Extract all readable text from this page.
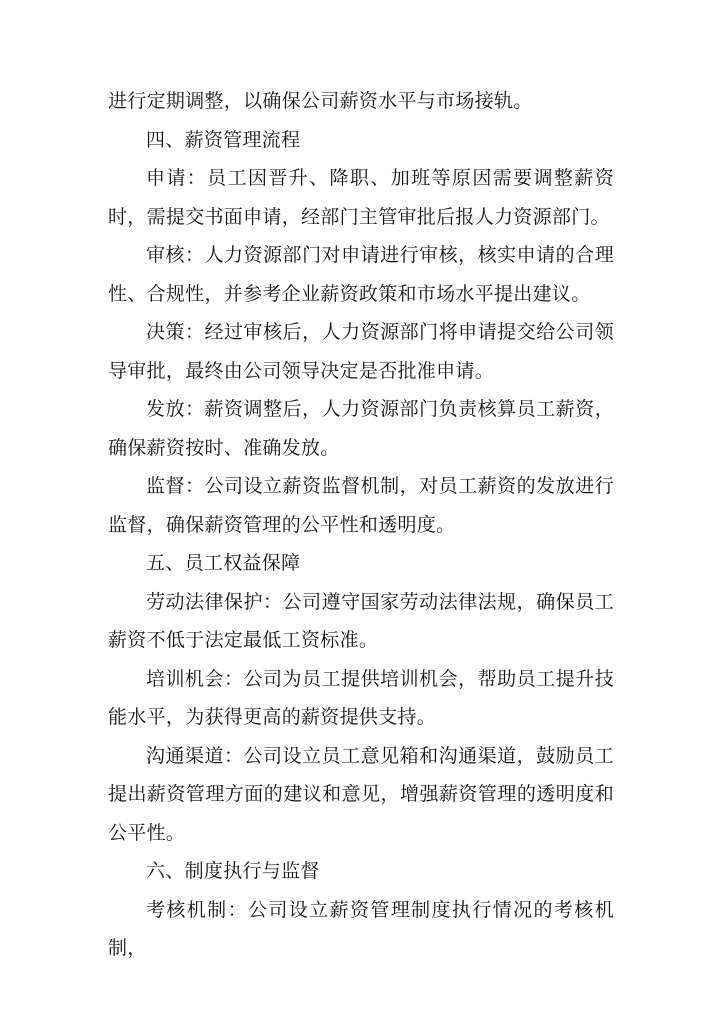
进行定期调整，以确保公司薪资水平与市场接轨。

四、薪资管理流程

申请：员工因晋升、降职、加班等原因需要调整薪资时，需提交书面申请，经部门主管审批后报人力资源部门。

审核：人力资源部门对申请进行审核，核实申请的合理性、合规性，并参考企业薪资政策和市场水平提出建议。

决策：经过审核后，人力资源部门将申请提交给公司领导审批，最终由公司领导决定是否批准申请。

发放：薪资调整后，人力资源部门负责核算员工薪资，确保薪资按时、准确发放。

监督：公司设立薪资监督机制，对员工薪资的发放进行监督，确保薪资管理的公平性和透明度。

五、员工权益保障

劳动法律保护：公司遵守国家劳动法律法规，确保员工薪资不低于法定最低工资标准。

培训机会：公司为员工提供培训机会，帮助员工提升技能水平，为获得更高的薪资提供支持。

沟通渠道：公司设立员工意见箱和沟通渠道，鼓励员工提出薪资管理方面的建议和意见，增强薪资管理的透明度和公平性。

六、制度执行与监督

考核机制：公司设立薪资管理制度执行情况的考核机制，
